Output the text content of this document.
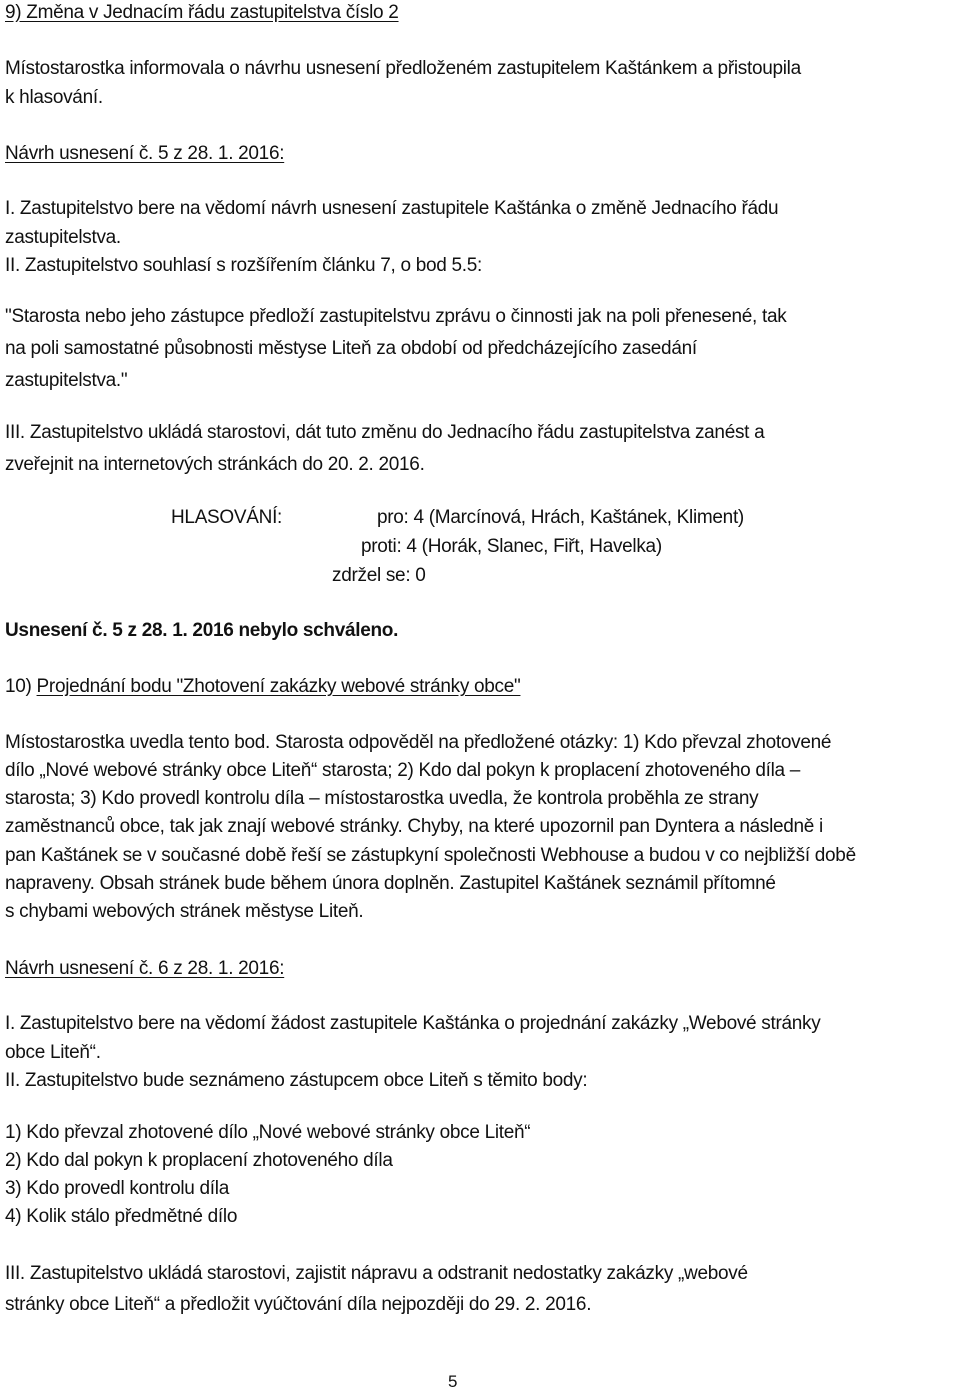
9) Změna v Jednacím řádu zastupitelstva číslo 2
Místostarostka informovala o návrhu usnesení předloženém zastupitelem Kaštánkem a přistoupila
k hlasování.
Návrh usnesení č. 5 z 28. 1. 2016:
I. Zastupitelstvo bere na vědomí návrh usnesení zastupitele Kaštánka o změně Jednacího řádu
zastupitelstva.
II. Zastupitelstvo souhlasí s rozšířením článku 7, o bod 5.5:
"Starosta nebo jeho zástupce předloží zastupitelstvu zprávu o činnosti jak na poli přenesené, tak
na poli samostatné působnosti městyse Liteň za období od předcházejícího zasedání
zastupitelstva."
III. Zastupitelstvo ukládá starostovi, dát tuto změnu do Jednacího řádu zastupitelstva zanést a
zveřejnit na internetových stránkách do 20. 2. 2016.
HLASOVÁNÍ:	pro: 4 (Marcínová, Hrách, Kaštánek, Kliment)
proti: 4 (Horák, Slanec, Fiřt, Havelka)
zdržel se: 0
Usnesení č. 5 z 28. 1. 2016 nebylo schváleno.
10) Projednání bodu "Zhotovení zakázky webové stránky obce"
Místostarostka uvedla tento bod. Starosta odpověděl na předložené otázky: 1) Kdo převzal zhotovené
dílo „Nové webové stránky obce Liteň“ starosta; 2) Kdo dal pokyn k proplacení zhotoveného díla –
starosta; 3) Kdo provedl kontrolu díla – místostarostka uvedla, že kontrola proběhla ze strany
zaměstnanců obce, tak jak znají webové stránky. Chyby, na které upozornil pan Dyntera a následně i
pan Kaštánek se v současné době řeší se zástupkyní společnosti Webhouse a budou v co nejbližší době
napraveny. Obsah stránek bude během února doplněn. Zastupitel Kaštánek seznámil přítomné
s chybami webových stránek městyse Liteň.
Návrh usnesení č. 6 z 28. 1. 2016:
I. Zastupitelstvo bere na vědomí žádost zastupitele Kaštánka o projednání zakázky „Webové stránky
obce Liteň“.
II. Zastupitelstvo bude seznámeno zástupcem obce Liteň s těmito body:
1) Kdo převzal zhotovené dílo „Nové webové stránky obce Liteň“
2) Kdo dal pokyn k proplacení zhotoveného díla
3) Kdo provedl kontrolu díla
4) Kolik stálo předmětné dílo
III. Zastupitelstvo ukládá starostovi, zajistit nápravu a odstranit nedostatky zakázky „webové
stránky obce Liteň“ a předložit vyúčtování díla nejpozději do 29. 2. 2016.
5
